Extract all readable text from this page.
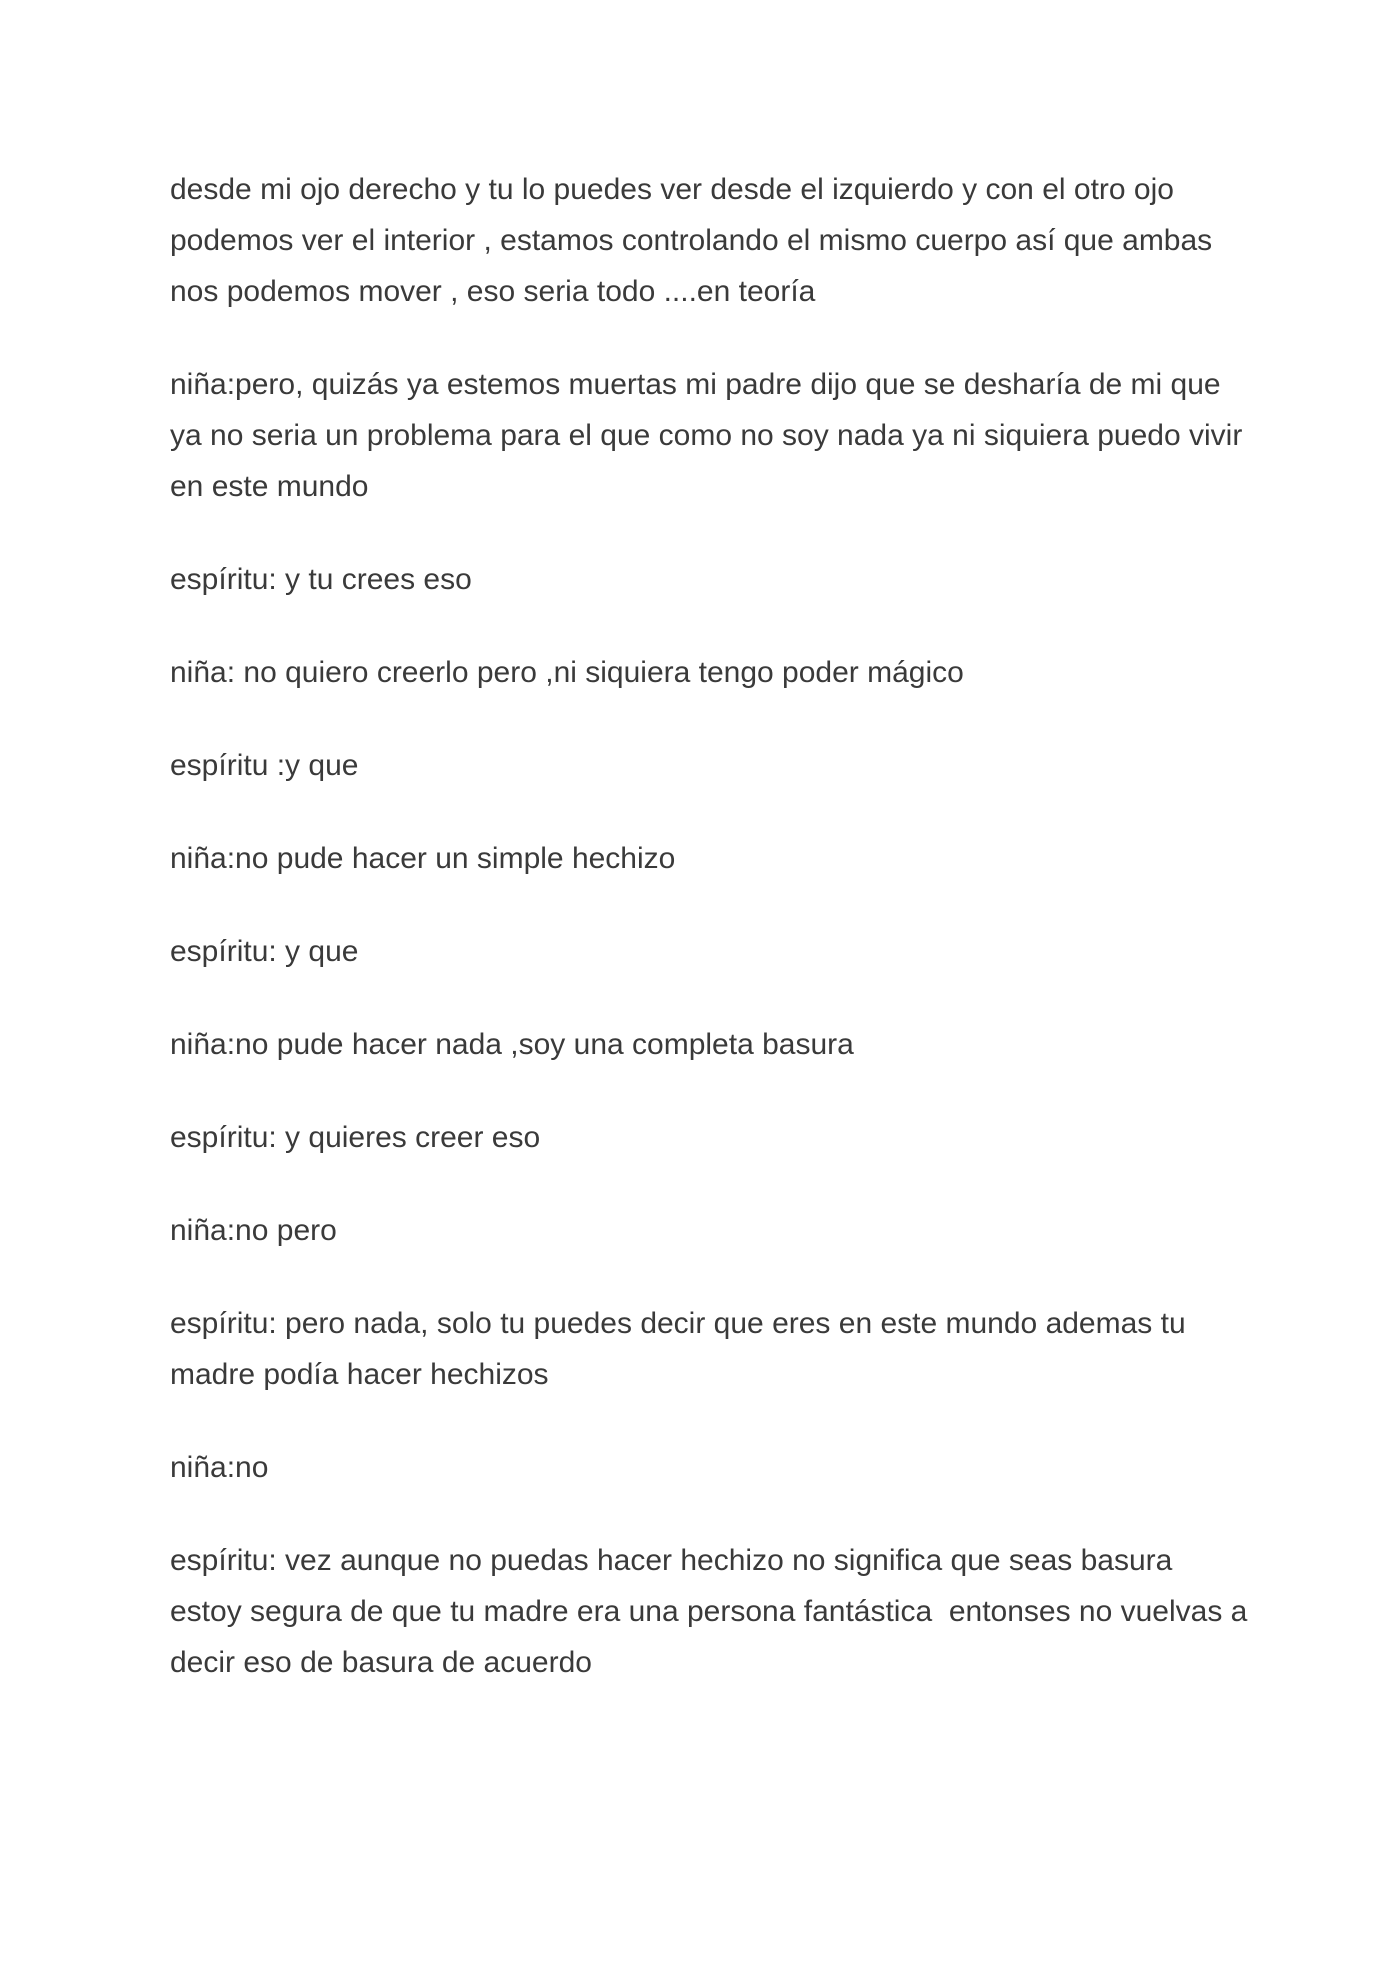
desde mi ojo derecho y tu lo puedes ver desde el izquierdo y con el otro ojo podemos ver el interior , estamos controlando el mismo cuerpo así que ambas nos podemos mover , eso seria todo ....en teoría

niña:pero, quizás ya estemos muertas mi padre dijo que se desharía de mi que ya no seria un problema para el que como no soy nada ya ni siquiera puedo vivir en este mundo

espíritu: y tu crees eso

niña: no quiero creerlo pero ,ni siquiera tengo poder mágico

espíritu :y que

niña:no pude hacer un simple hechizo

espíritu: y que

niña:no pude hacer nada ,soy una completa basura

espíritu: y quieres creer eso

niña:no pero

espíritu: pero nada, solo tu puedes decir que eres en este mundo ademas tu madre podía hacer hechizos

niña:no

espíritu: vez aunque no puedas hacer hechizo no significa que seas basura estoy segura de que tu madre era una persona fantástica  entonses no vuelvas a decir eso de basura de acuerdo
